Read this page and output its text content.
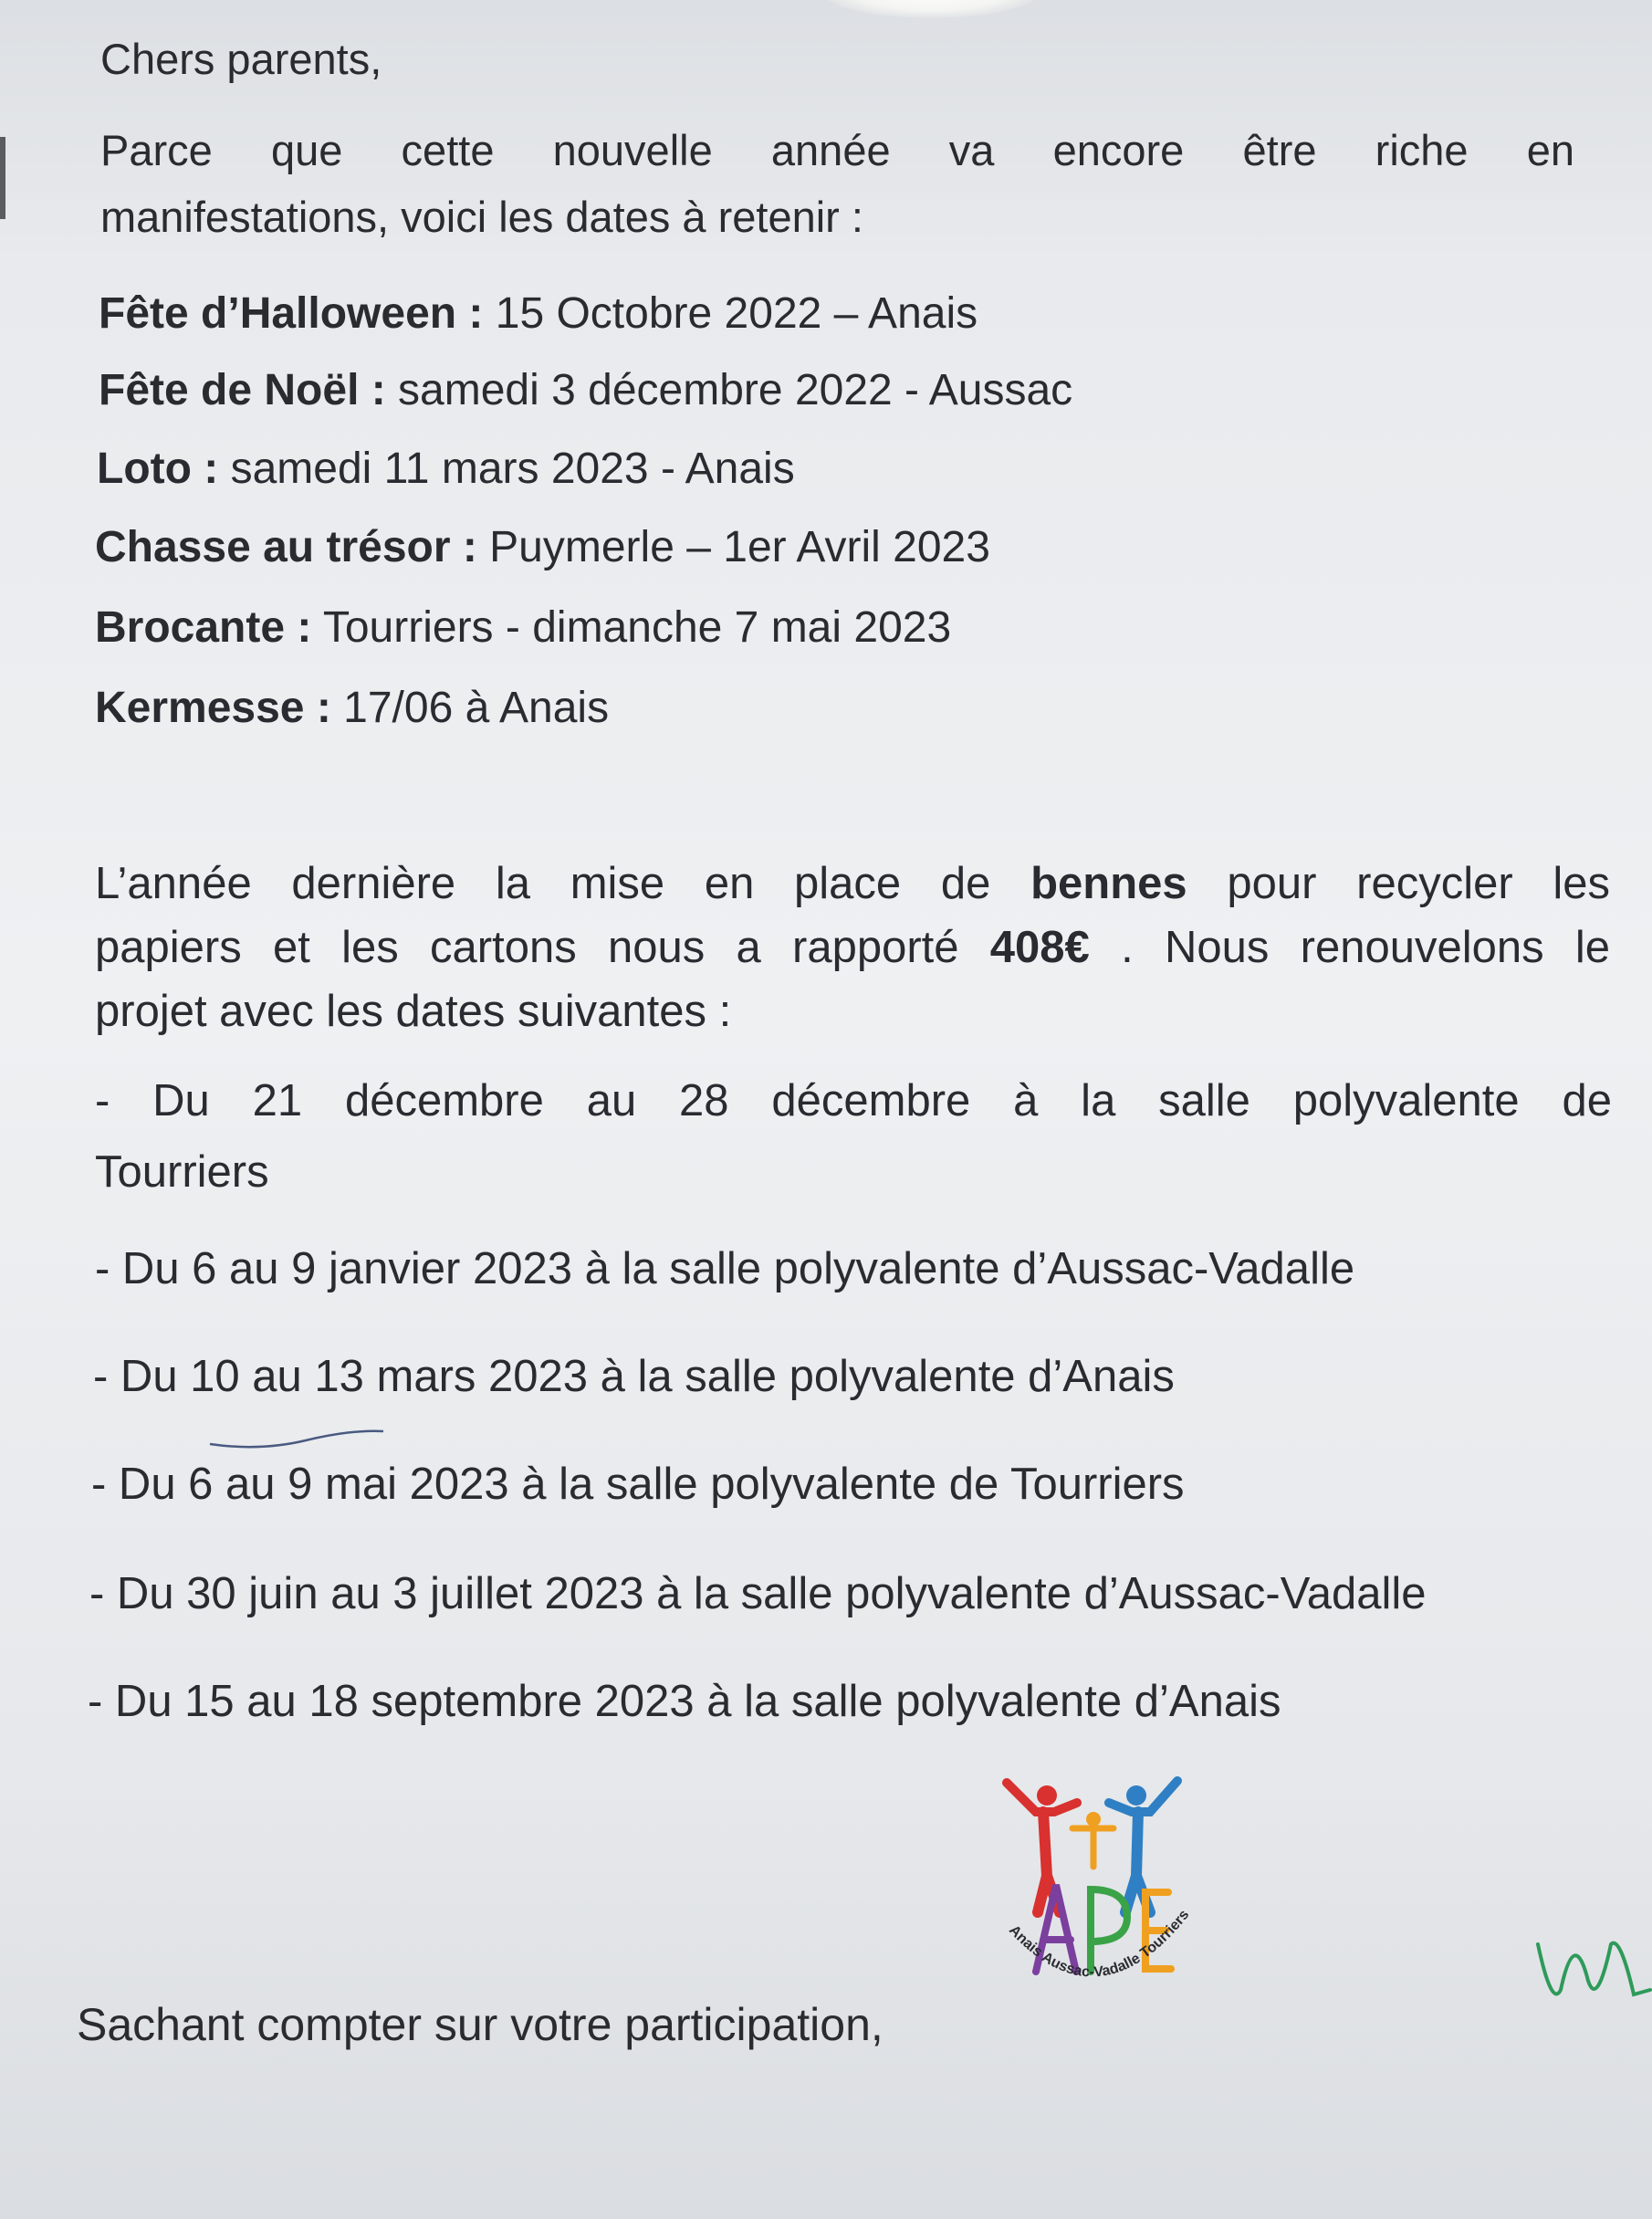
Chers parents,
Parce que cette nouvelle année va encore être riche en
manifestations, voici les dates à retenir :
Fête d’Halloween : 15 Octobre 2022 – Anais
Fête de Noël : samedi 3 décembre 2022 - Aussac
Loto : samedi 11 mars 2023 - Anais
Chasse au trésor : Puymerle – 1er Avril 2023
Brocante : Tourriers - dimanche 7 mai 2023
Kermesse : 17/06 à Anais
L’année dernière la mise en place de bennes pour recycler les
papiers et les cartons nous a rapporté 408€ . Nous renouvelons le
projet avec les dates suivantes :
- Du 21 décembre au 28 décembre à la salle polyvalente de
Tourriers
- Du 6 au 9 janvier 2023 à la salle polyvalente d’Aussac-Vadalle
- Du 10 au 13 mars 2023 à la salle polyvalente d’Anais
- Du 6 au 9 mai 2023 à la salle polyvalente de Tourriers
- Du 30 juin au 3 juillet 2023 à la salle polyvalente d’Aussac-Vadalle
- Du 15 au 18 septembre 2023 à la salle polyvalente d’Anais
Anais Aussac-Vadalle Tourriers
Sachant compter sur votre participation,
